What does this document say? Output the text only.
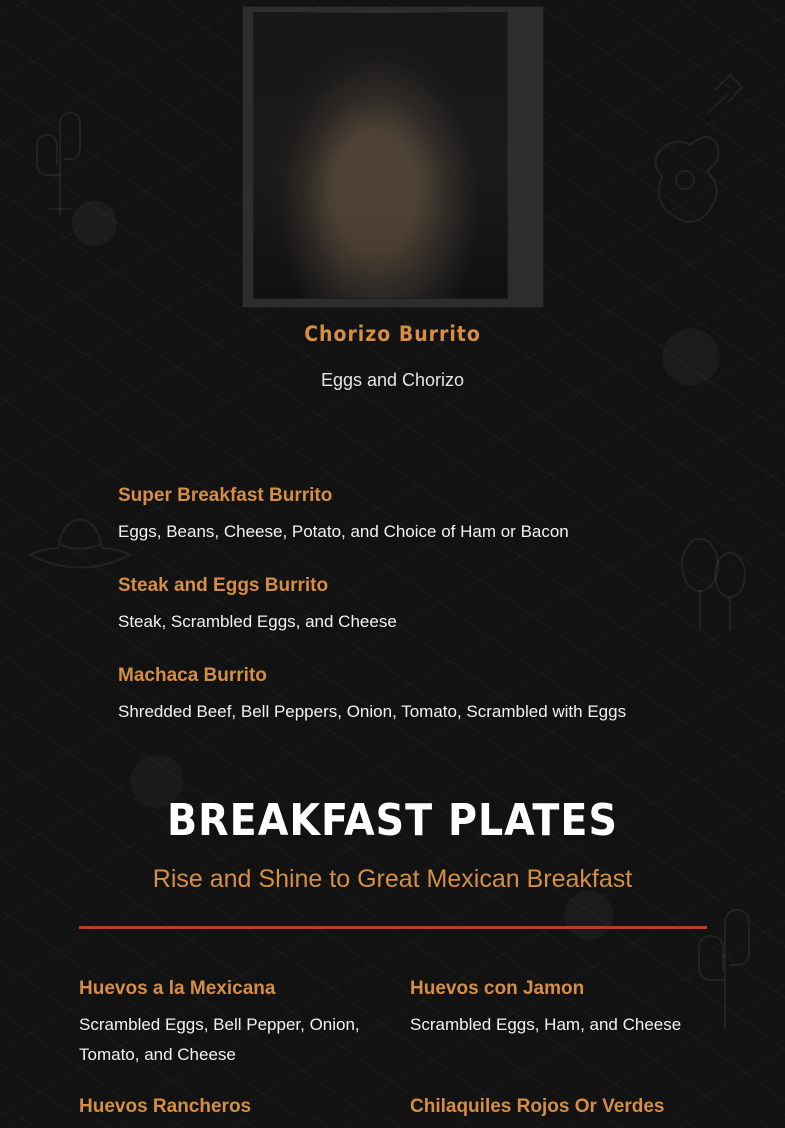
Chorizo Burrito
Eggs and Chorizo
Super Breakfast Burrito
Eggs, Beans, Cheese, Potato, and Choice of Ham or Bacon
Steak and Eggs Burrito
Steak, Scrambled Eggs, and Cheese
Machaca Burrito
Shredded Beef, Bell Peppers, Onion, Tomato, Scrambled with Eggs
BREAKFAST PLATES
Rise and Shine to Great Mexican Breakfast
Huevos a la Mexicana
Scrambled Eggs, Bell Pepper, Onion, Tomato, and Cheese
Huevos con Jamon
Scrambled Eggs, Ham, and Cheese
Huevos Rancheros	Chilaquiles Rojos Or Verdes
